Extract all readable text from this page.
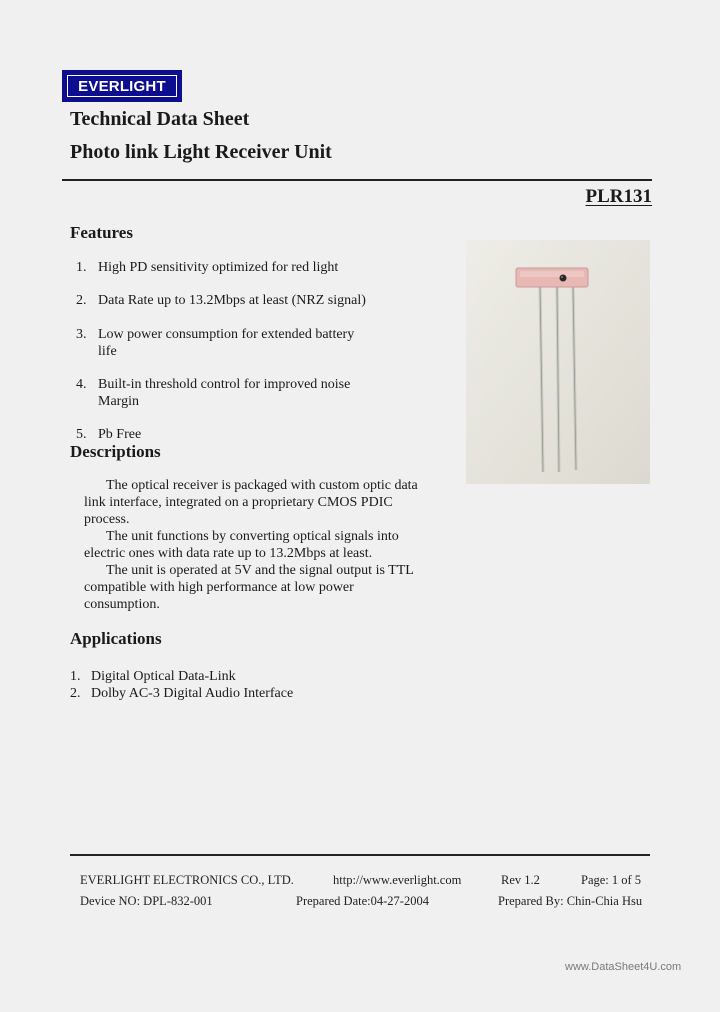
EVERLIGHT
Technical Data Sheet
Photo link Light Receiver Unit
PLR131
Features
1. High PD sensitivity optimized for red light
2. Data Rate up to 13.2Mbps at least (NRZ signal)
3. Low power consumption for extended battery life
4. Built-in threshold control for improved noise Margin
5. Pb Free
Descriptions

The optical receiver is packaged with custom optic data link interface, integrated on a proprietary CMOS PDIC process.

The unit functions by converting optical signals into electric ones with data rate up to 13.2Mbps at least.

The unit is operated at 5V and the signal output is TTL compatible with high performance at low power consumption.

Applications
1. Digital Optical Data-Link
2. Dolby AC-3 Digital Audio Interface
EVERLIGHT ELECTRONICS CO., LTD.	http://www.everlight.com	Rev 1.2	Page: 1 of 5
Device NO: DPL-832-001	Prepared Date:04-27-2004	Prepared By: Chin-Chia Hsu
www.DataSheet4U.com
